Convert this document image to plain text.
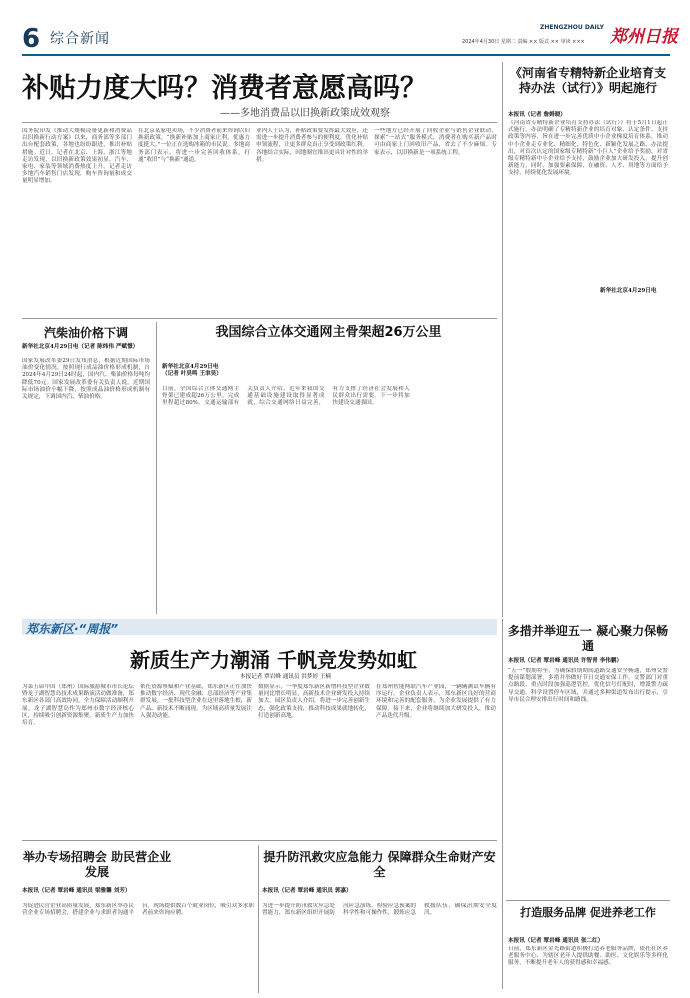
6 综合新闻
ZHENGZHOU DAILY
2024年4月30日 星期二 责编 ×× 版式 ×× 审读 ××× 郑州日报
补贴力度大吗？消费者意愿高吗？
——多地消费品以旧换新政策成效观察
国务院印发《推动大规模设备更新和消费品以旧换新行动方案》以来，商务部等多部门出台配套政策，各地也纷纷跟进，推出补贴措施。近日，记者在北京、上海、浙江等地走访发现，以旧换新政策效果初显，汽车、家电、家装等领域消费热度上升。记者走访多地汽车销售门店发现，购车咨询量和成交量明显增加。
在北京某家电卖场，不少消费者前来咨询以旧换新政策。“换新补贴加上商家让利，优惠力度挺大。”一位正在选购冰箱的市民说。多地商务部门表示，将进一步完善回收体系，打通“收旧”与“换新”通道。
业内人士认为，补贴政策要发挥最大效应，还需进一步提升消费者参与的便利度，优化补贴申领流程，让更多群众真正享受到政策红利。各地结合实际，因地制宜推出更具针对性的举措。
一些地方已经开展了回收企业与销售企业联动，探索“一站式”服务模式，消费者在购买新产品时可由商家上门回收旧产品，省去了不少麻烦。专家表示，以旧换新是一项系统工程。
《河南省专精特新企业培育支持办法（试行）》明起施行
本报讯（记者 詹姆晓）
《河南省专精特新企业培育支持办法（试行）》将于5月1日起正式施行。办法明确了专精特新企业的培育对象、认定条件、支持政策等内容，旨在进一步完善优质中小企业梯度培育体系，推动中小企业走专业化、精细化、特色化、新颖化发展之路。办法提出，对首次认定的国家级专精特新“小巨人”企业给予奖励，对省级专精特新中小企业给予支持，鼓励企业加大研发投入，提升创新能力。同时，加强要素保障，在融资、人才、用地等方面给予支持，持续优化发展环境。
新华社北京4月29日电
汽柴油价格下调
新华社北京4月29日电（记者 陈炜伟 严赋憬）
国家发展改革委29日发布消息，根据近期国际市场油价变化情况，按照现行成品油价格形成机制，自2024年4月29日24时起，国内汽、柴油价格每吨均降低70元。国家发展改革委有关负责人说，近期国际市场油价小幅下降，按照成品油价格形成机制有关规定，下调国内汽、柴油价格。
我国综合立体交通网主骨架超26万公里
新华社北京4月29日电（记者 叶昊鸣 王聿昊）
目前，全国综合立体交通网主骨架已建成超26万公里，完成里程超过80%。交通运输部有关负责人介绍，近年来我国交通基础设施建设取得显著成就，综合交通网络日益完善，有力支撑了经济社会发展和人民群众出行需要。下一步将加快建设交通强国。
郑东新区·“周报”
新质生产力潮涌 千帆竞发势如虹
本报记者 覃岩峰 通讯员 洪梦婷 王楠
为第五届中国（郑州）国际旅游城市市长论坛暨龙子湖智慧岛技术成果路演活动做准备，郑东新区各部门高效协同，全力保障活动顺利开展。龙子湖智慧岛作为郑州市数字经济核心区，持续吸引创新资源集聚，新质生产力加快培育。
依托资源禀赋和产业基础，郑东新区正在加快推动数字经济、现代金融、总部经济等产业集群发展。一批科技型企业在这里落地生根，新产品、新技术不断涌现，为区域高质量发展注入强劲动能。
数据显示，一季度郑东新区新增科技型企业数量同比增长明显，高新技术企业研发投入持续加大。园区负责人介绍，将进一步完善创新生态，强化政策支持，推动科技成果就地转化，打造创新高地。
在郑州智能网联汽车产业园，一辆辆测试车辆有序运行。企业负责人表示，郑东新区良好的营商环境和完善的配套服务，为企业发展提供了有力保障。接下来，企业将继续加大研发投入，推动产品迭代升级。
多措并举迎五一 凝心聚力保畅通
本报讯（记者 覃岩峰 通讯员 许智青 李伟鹏）
“五一”假期将至，为确保假期期间道路交通安全畅通，郑州交警提前谋划部署，多措并举做好节日交通安保工作。交警部门对重点路段、重点时段加强巡逻管控，优化信号灯配时，增派警力疏导交通，科学设置停车区域，并通过多种渠道发布出行提示，引导市民合理安排出行时间和路线。
打造服务品牌 促进养老工作
本报讯（记者 覃岩峰 通讯员 张二红）
日前，郑东新区金光路街道积极打造养老服务品牌，依托社区养老服务中心，为辖区老年人提供助餐、助医、文化娱乐等多样化服务，不断提升老年人的获得感和幸福感。
举办专场招聘会 助民营企业发展
本报讯（记者 覃岩峰 通讯员 梁雅馨 刘芳）
为促进民营企业高质量发展，郑东新区举办民营企业专场招聘会，搭建企业与求职者沟通平台，现场提供数百个就业岗位，吸引众多求职者前来咨询应聘。
提升防汛救灾应急能力 保障群众生命财产安全
本报讯（记者 覃岩峰 通讯员 郭嘉）
为进一步提升防汛救灾应急处置能力，郑东新区组织开展防汛应急演练，检验应急预案的科学性和可操作性，锻炼应急救援队伍，确保汛期安全度汛。
